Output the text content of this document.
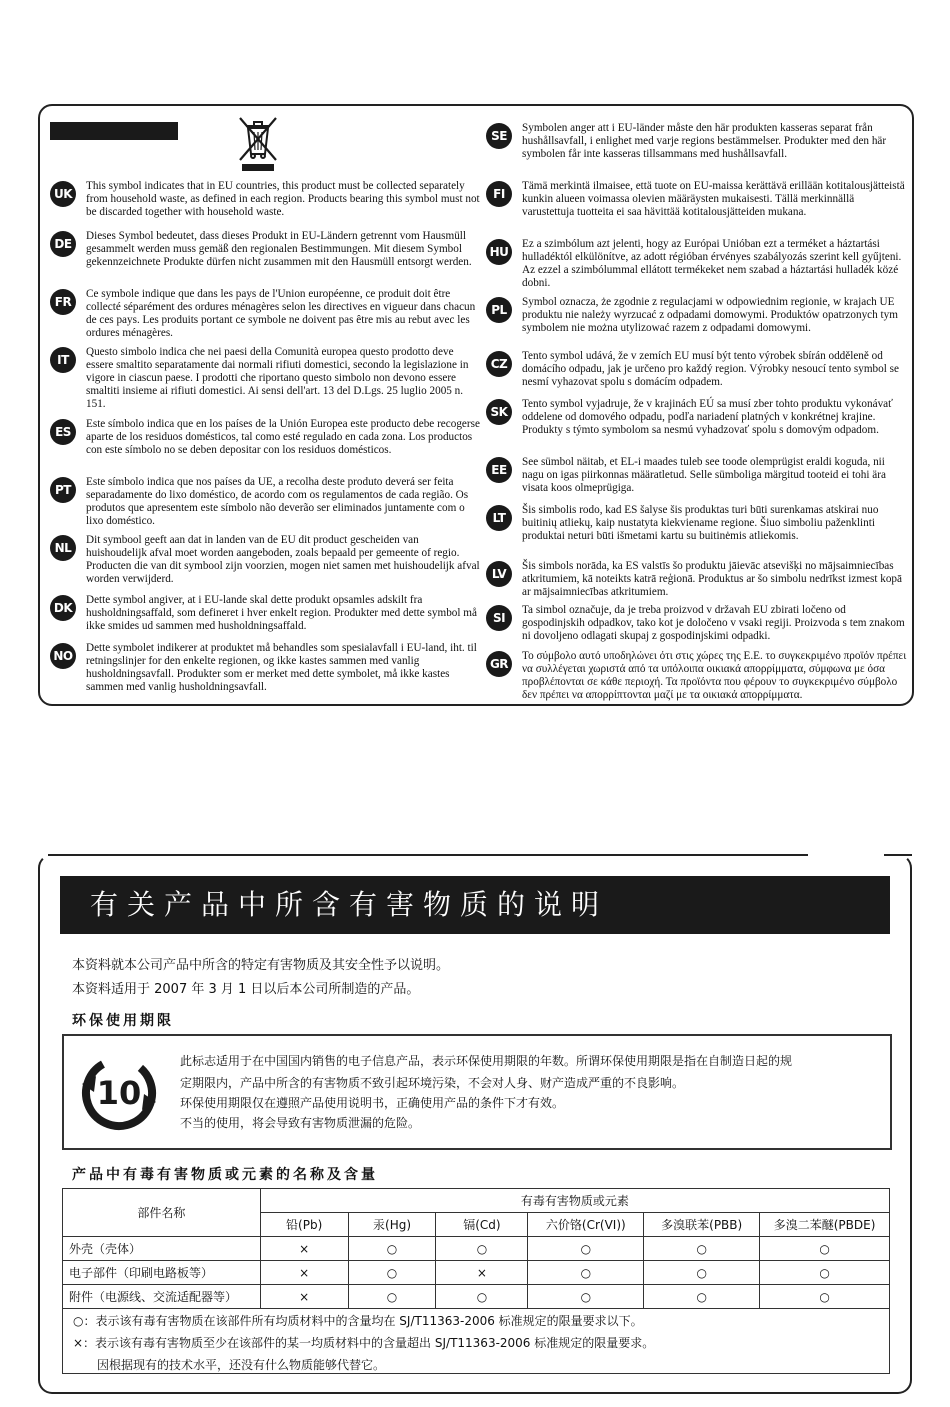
UK
This symbol indicates that in EU countries, this product must be collected separately from household waste, as defined in each region. Products bearing this symbol must not be discarded together with household waste.
DE
Dieses Symbol bedeutet, dass dieses Produkt in EU-Ländern getrennt vom Hausmüll gesammelt werden muss gemäß den regionalen Bestimmungen. Mit diesem Symbol gekennzeichnete Produkte dürfen nicht zusammen mit den Hausmüll entsorgt werden.
FR
Ce symbole indique que dans les pays de l'Union européenne, ce produit doit être collecté séparément des ordures ménagères selon les directives en vigueur dans chacun de ces pays. Les produits portant ce symbole ne doivent pas être mis au rebut avec les ordures ménagères.
IT
Questo simbolo indica che nei paesi della Comunità europea questo prodotto deve essere smaltito separatamente dai normali rifiuti domestici, secondo la legislazione in vigore in ciascun paese. I prodotti che riportano questo simbolo non devono essere smaltiti insieme ai rifiuti domestici. Ai sensi dell'art. 13 del D.Lgs. 25 luglio 2005 n. 151.
ES
Este símbolo indica que en los países de la Unión Europea este producto debe recogerse aparte de los residuos domésticos, tal como esté regulado en cada zona. Los productos con este símbolo no se deben depositar con los residuos domésticos.
PT
Este símbolo indica que nos países da UE, a recolha deste produto deverá ser feita separadamente do lixo doméstico, de acordo com os regulamentos de cada região. Os produtos que apresentem este símbolo não deverão ser eliminados juntamente com o lixo doméstico.
NL
Dit symbool geeft aan dat in landen van de EU dit product gescheiden van huishoudelijk afval moet worden aangeboden, zoals bepaald per gemeente of regio. Producten die van dit symbool zijn voorzien, mogen niet samen met huishoudelijk afval worden verwijderd.
DK
Dette symbol angiver, at i EU-lande skal dette produkt opsamles adskilt fra husholdningsaffald, som defineret i hver enkelt region. Produkter med dette symbol må ikke smides ud sammen med husholdningsaffald.
NO
Dette symbolet indikerer at produktet må behandles som spesialavfall i EU-land, iht. til retningslinjer for den enkelte regionen, og ikke kastes sammen med vanlig husholdningsavfall. Produkter som er merket med dette symbolet, må ikke kastes sammen med vanlig husholdningsavfall.
SE
Symbolen anger att i EU-länder måste den här produkten kasseras separat från hushållsavfall, i enlighet med varje regions bestämmelser. Produkter med den här symbolen får inte kasseras tillsammans med hushållsavfall.
FI
Tämä merkintä ilmaisee, että tuote on EU-maissa kerättävä erillään kotitalousjätteistä kunkin alueen voimassa olevien määräysten mukaisesti. Tällä merkinnällä varustettuja tuotteita ei saa hävittää kotitalousjätteiden mukana.
HU
Ez a szimbólum azt jelenti, hogy az Európai Unióban ezt a terméket a háztartási hulladéktól elkülönítve, az adott régióban érvényes szabályozás szerint kell gyűjteni. Az ezzel a szimbólummal ellátott termékeket nem szabad a háztartási hulladék közé dobni.
PL
Symbol oznacza, że zgodnie z regulacjami w odpowiednim regionie, w krajach UE produktu nie należy wyrzucać z odpadami domowymi. Produktów opatrzonych tym symbolem nie można utylizować razem z odpadami domowymi.
CZ
Tento symbol udává, že v zemích EU musí být tento výrobek sbírán odděleně od domácího odpadu, jak je určeno pro každý region. Výrobky nesoucí tento symbol se nesmí vyhazovat spolu s domácím odpadem.
SK
Tento symbol vyjadruje, že v krajinách EÚ sa musí zber tohto produktu vykonávať oddelene od domového odpadu, podľa nariadení platných v konkrétnej krajine. Produkty s týmto symbolom sa nesmú vyhadzovať spolu s domovým odpadom.
EE
See sümbol näitab, et EL-i maades tuleb see toode olemprügist eraldi koguda, nii nagu on igas piirkonnas määratletud. Selle sümboliga märgitud tooteid ei tohi ära visata koos olmeprügiga.
LT
Šis simbolis rodo, kad ES šalyse šis produktas turi būti surenkamas atskirai nuo buitinių atliekų, kaip nustatyta kiekviename regione. Šiuo simboliu paženklinti produktai neturi būti išmetami kartu su buitinėmis atliekomis.
LV
Šis simbols norāda, ka ES valstīs šo produktu jāievāc atsevišķi no mājsaimniecības atkritumiem, kā noteikts katrā reģionā. Produktus ar šo simbolu nedrīkst izmest kopā ar mājsaimniecības atkritumiem.
SI
Ta simbol označuje, da je treba proizvod v državah EU zbirati ločeno od gospodinjskih odpadkov, tako kot je določeno v vsaki regiji. Proizvoda s tem znakom ni dovoljeno odlagati skupaj z gospodinjskimi odpadki.
GR
Το σύμβολο αυτό υποδηλώνει ότι στις χώρες της Ε.Ε. το συγκεκριμένο προϊόν πρέπει να συλλέγεται χωριστά από τα υπόλοιπα οικιακά απορρίμματα, σύμφωνα με όσα προβλέπονται σε κάθε περιοχή. Τα προϊόντα που φέρουν το συγκεκριμένο σύμβολο δεν πρέπει να απορρίπτονται μαζί με τα οικιακά απορρίμματα.
有关产品中所含有害物质的说明
本资料就本公司产品中所含的特定有害物质及其安全性予以说明。
本资料适用于 2007 年 3 月 1 日以后本公司所制造的产品。
环保使用期限
10
此标志适用于在中国国内销售的电子信息产品，表示环保使用期限的年数。所谓环保使用期限是指在自制造日起的规
定期限内，产品中所含的有害物质不致引起环境污染，不会对人身、财产造成严重的不良影响。
环保使用期限仅在遵照产品使用说明书，正确使用产品的条件下才有效。
不当的使用，将会导致有害物质泄漏的危险。
产品中有毒有害物质或元素的名称及含量
部件名称	有毒有害物质或元素					
	铅(Pb)	汞(Hg)	镉(Cd)	六价铬(Cr(VI))	多溴联苯(PBB)	多溴二苯醚(PBDE)
外壳（壳体）	×	○	○	○	○	○
电子部件（印刷电路板等）	×	○	×	○	○	○
附件（电源线、交流适配器等）	×	○	○	○	○	○
○：表示该有毒有害物质在该部件所有均质材料中的含量均在 SJ/T11363-2006 标准规定的限量要求以下。
×：表示该有毒有害物质至少在该部件的某一均质材料中的含量超出 SJ/T11363-2006 标准规定的限量要求。
因根据现有的技术水平，还没有什么物质能够代替它。
